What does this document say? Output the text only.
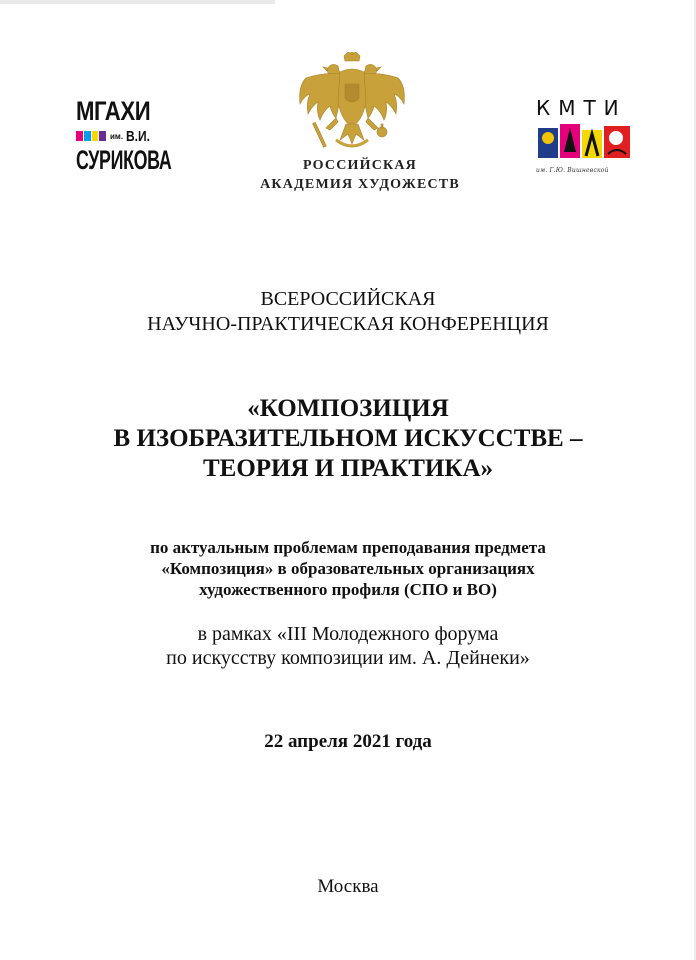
МГАХИ
им. В.И.
СУРИКОВА	РОССИЙСКАЯ
АКАДЕМИЯ ХУДОЖЕСТВ
КМТИ
им. Г.Ю. Вишневской
ВСЕРОССИЙСКАЯ
НАУЧНО-ПРАКТИЧЕСКАЯ КОНФЕРЕНЦИЯ
«КОМПОЗИЦИЯ
В ИЗОБРАЗИТЕЛЬНОМ ИСКУССТВЕ –
ТЕОРИЯ И ПРАКТИКА»
по актуальным проблемам преподавания предмета
«Композиция» в образовательных организациях
художественного профиля (СПО и ВО)
в рамках «III Молодежного форума
по искусству композиции им. А. Дейнеки»
22 апреля 2021 года
Москва
